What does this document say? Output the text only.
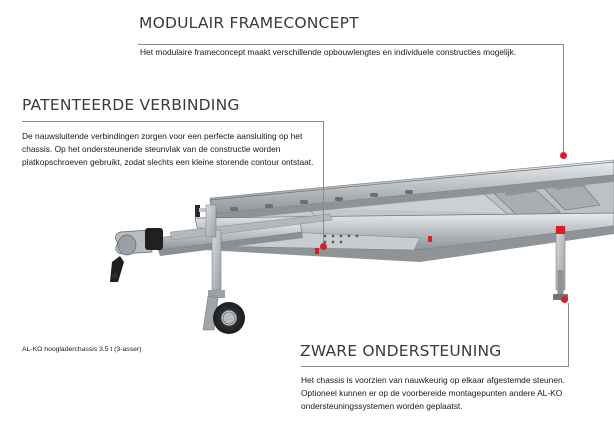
MODULAIR FRAMECONCEPT
Het modulaire frameconcept maakt verschillende opbouwlengtes en individuele constructies mogelijk.
PATENTEERDE VERBINDING
De nauwsluitende verbindingen zorgen voor een perfecte aansluiting op het
chassis. Op het ondersteunende steunvlak van de constructie worden
platkopschroeven gebruikt, zodat slechts een kleine storende contour ontstaat.
AL-KO hoogladerchassis 3.5 t (3-asser)	ZWARE ONDERSTEUNING
Het chassis is voorzien van nauwkeurig op elkaar afgestemde steunen.
Optioneel kunnen er op de voorbereide montagepunten andere AL-KO
ondersteuningssystemen worden geplaatst.
